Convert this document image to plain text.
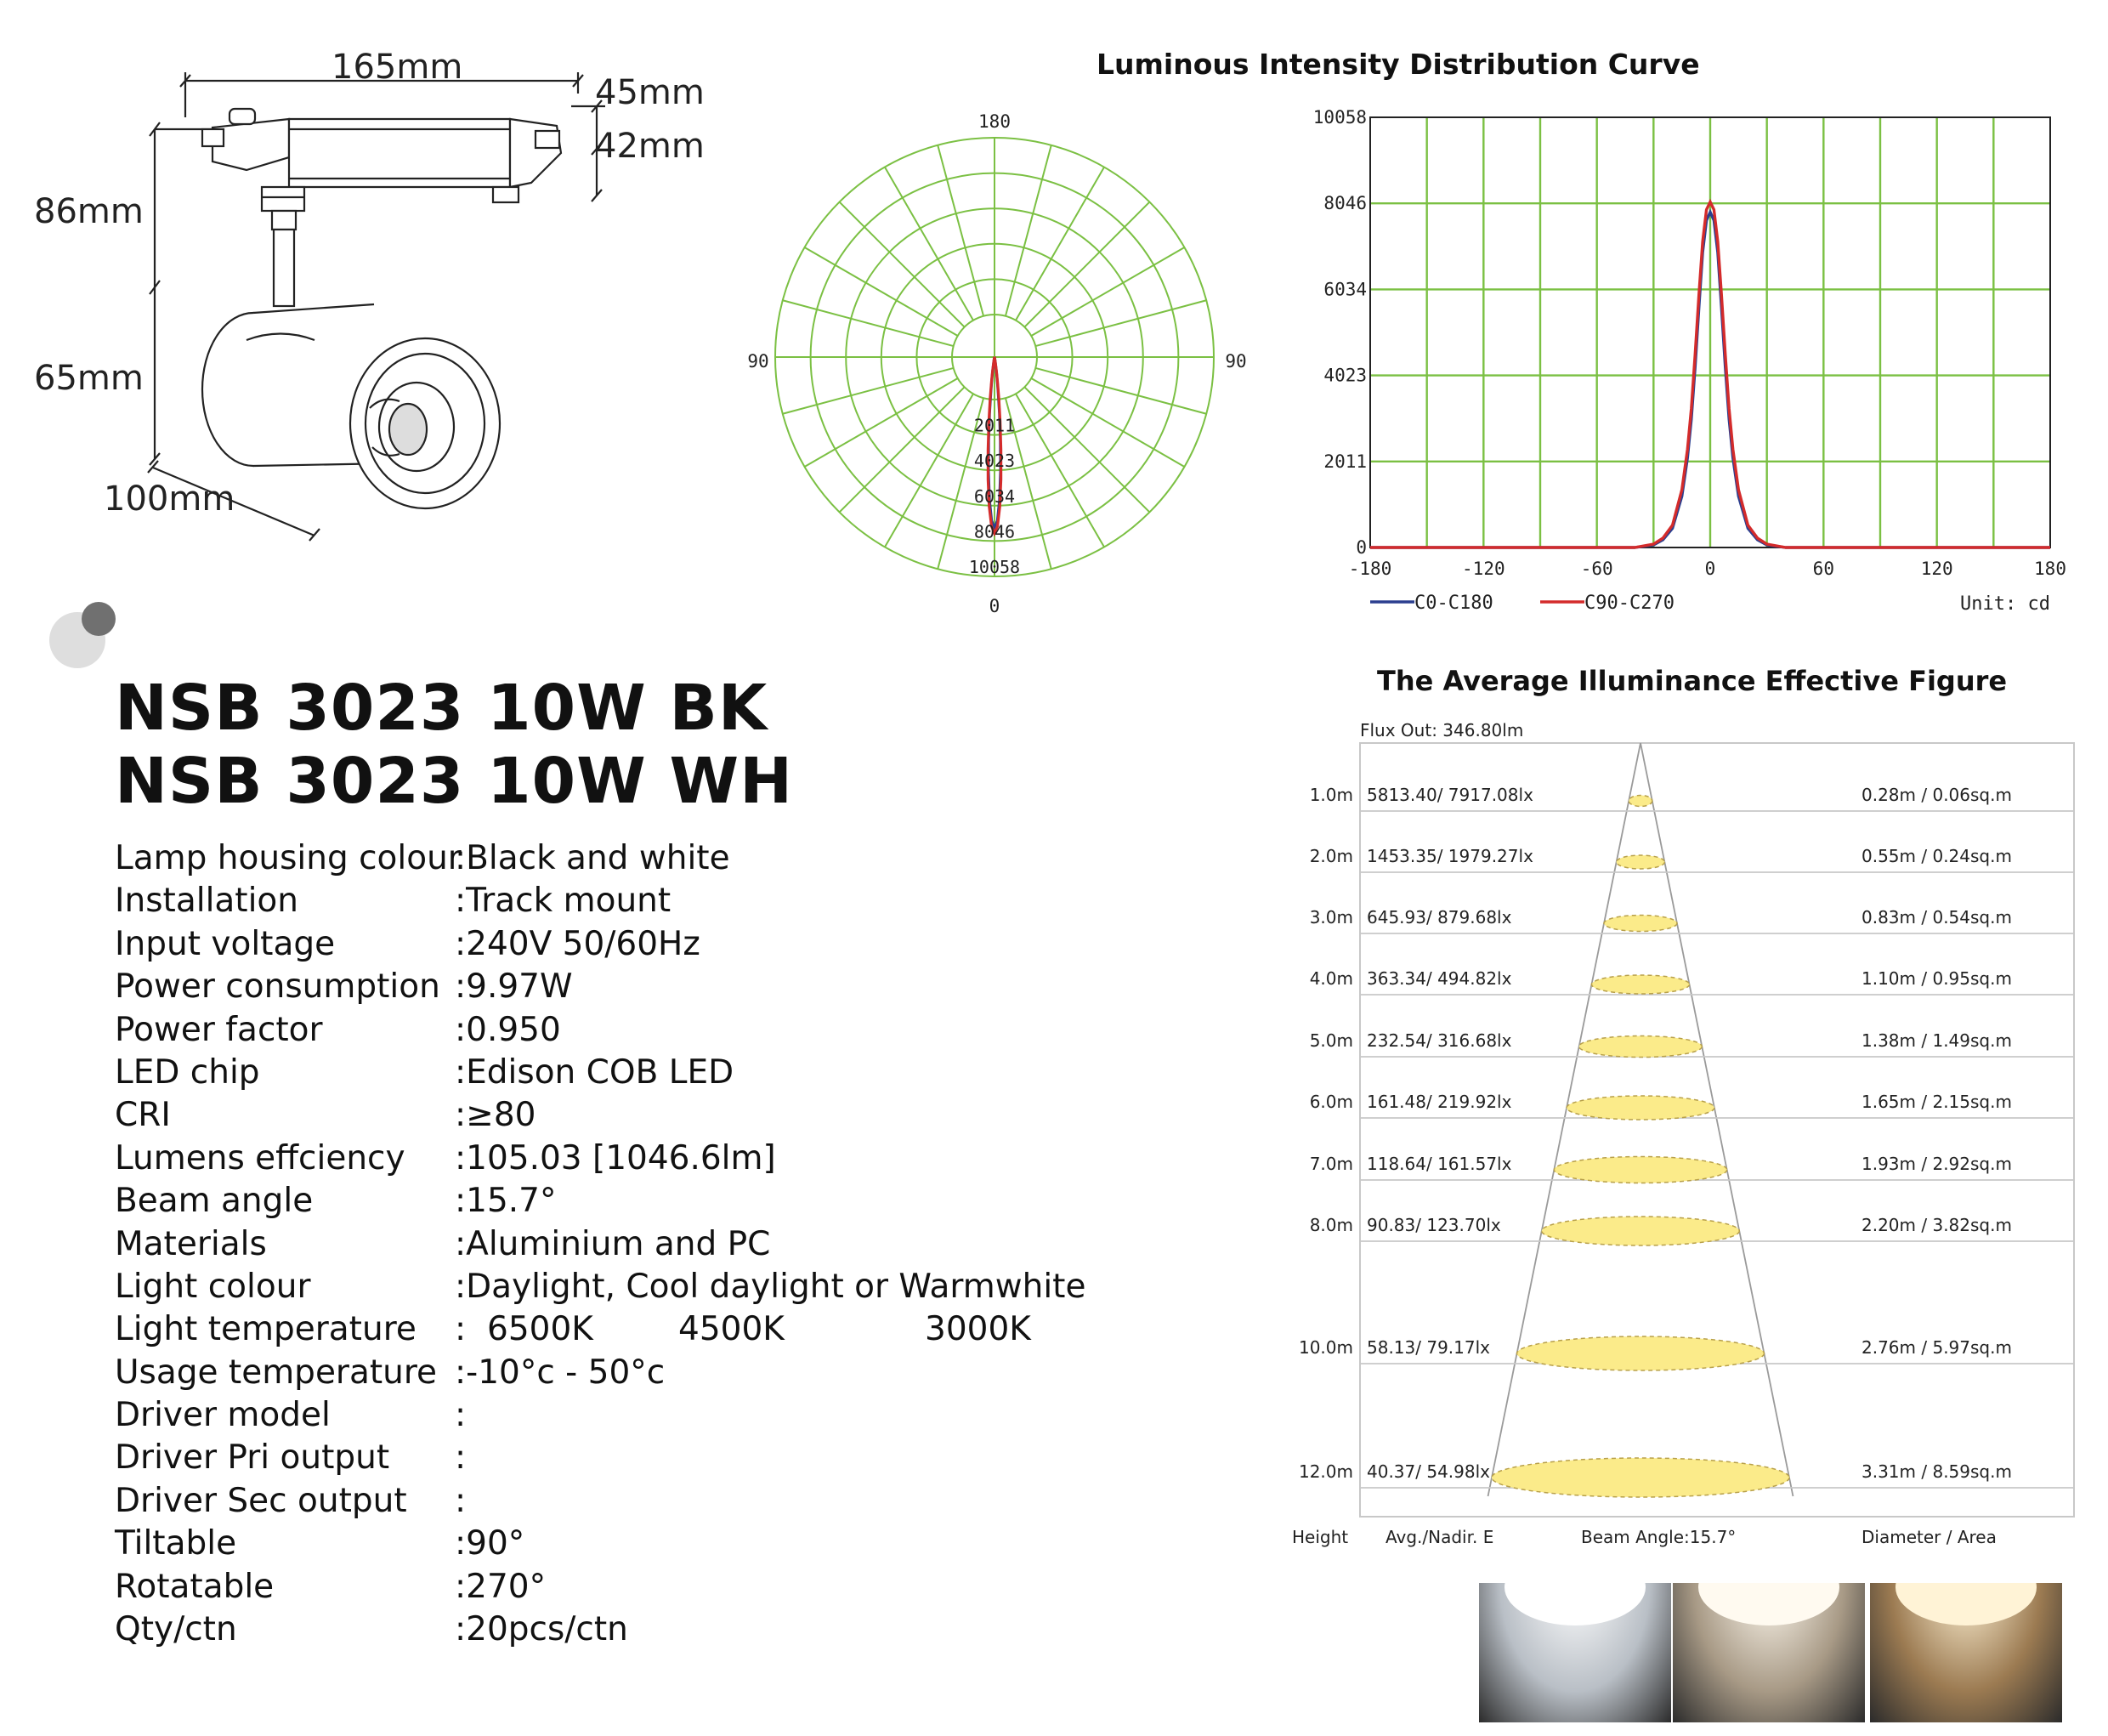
165mm
45mm
42mm
86mm
65mm
100mm
Luminous Intensity Distribution Curve
180
90	90
0
2011
4023
6034
8046
10058
0
2011
4023
6034
8046
10058
-180	-120	-60	0	60	120	180
C0-C180	C90-C270	Unit: cd
NSB 3023 10W BK
NSB 3023 10W WH
Lamp housing colour
:Black and white
Installation	:Track mount
Input voltage	:240V 50/60Hz
Power consumption :9.97W
Power factor	:0.950
LED chip	:Edison COB LED
CRI	:≥80
Lumens effciency :105.03 [1046.6lm]
Beam angle	:15.7°
Materials	:Aluminium and PC
Light colour	:Daylight, Cool daylight or Warmwhite
Light temperature : 6500K	4500K	3000K
Usage temperature :-10°c - 50°c
Driver model	:
Driver Pri output :
Driver Sec output :
Tiltable	:90°
Rotatable	:270°
Qty/ctn	:20pcs/ctn
The Average Illuminance Effective Figure
Flux Out: 346.80lm
1.0m 5813.40/ 7917.08lx	0.28m / 0.06sq.m
2.0m 1453.35/ 1979.27lx	0.55m / 0.24sq.m
3.0m 645.93/ 879.68lx	0.83m / 0.54sq.m
4.0m 363.34/ 494.82lx	1.10m / 0.95sq.m
5.0m 232.54/ 316.68lx	1.38m / 1.49sq.m
6.0m 161.48/ 219.92lx	1.65m / 2.15sq.m
7.0m 118.64/ 161.57lx	1.93m / 2.92sq.m
8.0m 90.83/ 123.70lx	2.20m / 3.82sq.m
10.0m 58.13/ 79.17lx	2.76m / 5.97sq.m
12.0m 40.37/ 54.98lx	3.31m / 8.59sq.m
Height Avg./Nadir. E	Beam Angle:15.7°	Diameter / Area
